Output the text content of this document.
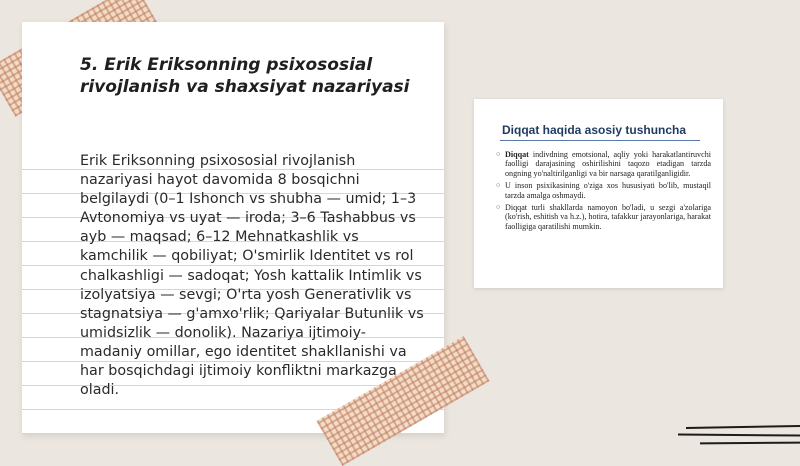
5. Erik Eriksonning psixososial rivojlanish va shaxsiyat nazariyasi

Erik Eriksonning psixososial rivojlanish nazariyasi hayot davomida 8 bosqichni belgilaydi (0–1 Ishonch vs shubha — umid; 1–3 Avtonomiya vs uyat — iroda; 3–6 Tashabbus vs ayb — maqsad; 6–12 Mehnatkashlik vs kamchilik — qobiliyat; O'smirlik Identitet vs rol chalkashligi — sadoqat; Yosh kattalik Intimlik vs izolyatsiya — sevgi; O'rta yosh Generativlik vs stagnatsiya — g'amxo'rlik; Qariyalar Butunlik vs umidsizlik — donolik). Nazariya ijtimoiy-madaniy omillar, ego identitet shakllanishi va har bosqichdagi ijtimoiy konfliktni markazga oladi.

Diqqat haqida asosiy tushuncha
○ Diqqat indivdning emotsional, aqliy yoki harakatlantiruvchi faolligi darajasining oshirilishini taqozo etadigan tarzda ongning yo'naltirilganligi va bir narsaga qaratilganligidir.
○ U inson psixikasining o'ziga xos hususiyati bo'lib, mustaqil tarzda amalga oshmaydi.
○ Diqqat turli shakllarda namoyon bo'ladi, u sezgi a'zolariga (ko'rish, eshitish va h.z.), hotira, tafakkur jarayonlariga, harakat faolligiga qaratilishi mumkin.
